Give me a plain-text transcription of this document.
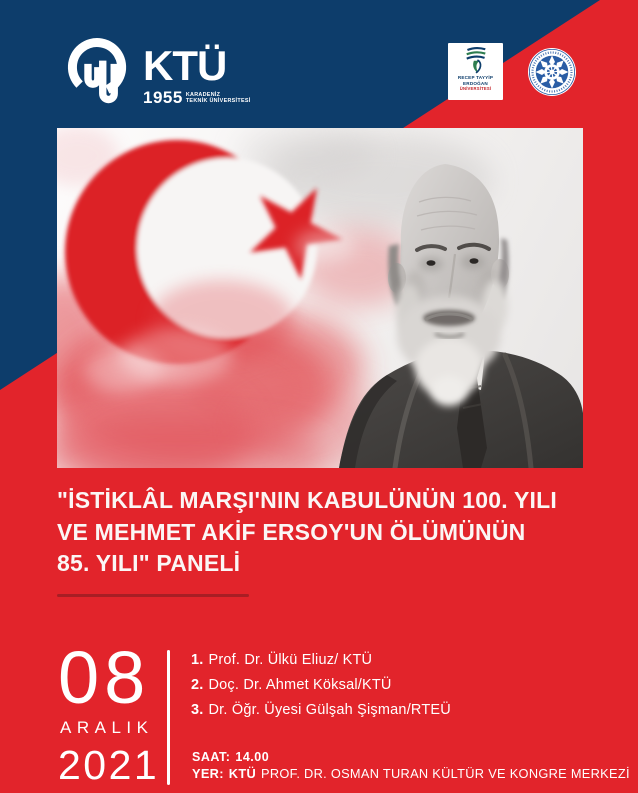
KTÜ
1955 KARADENİZ
TEKNİK ÜNİVERSİTESİ
RECEP TAYYİP
ERDOĞAN
ÜNİVERSİTESİ
"İSTİKLÂL MARŞI'NIN KABULÜNÜN 100. YILI
VE MEHMET AKİF ERSOY'UN ÖLÜMÜNÜN
85. YILI" PANELİ
08
ARALIK
2021
1. Prof. Dr. Ülkü Eliuz/ KTÜ
2. Doç. Dr. Ahmet Köksal/KTÜ
3. Dr. Öğr. Üyesi Gülşah Şişman/RTEÜ
SAAT: 14.00
YER: KTÜ PROF. DR. OSMAN TURAN KÜLTÜR VE KONGRE MERKEZİ
